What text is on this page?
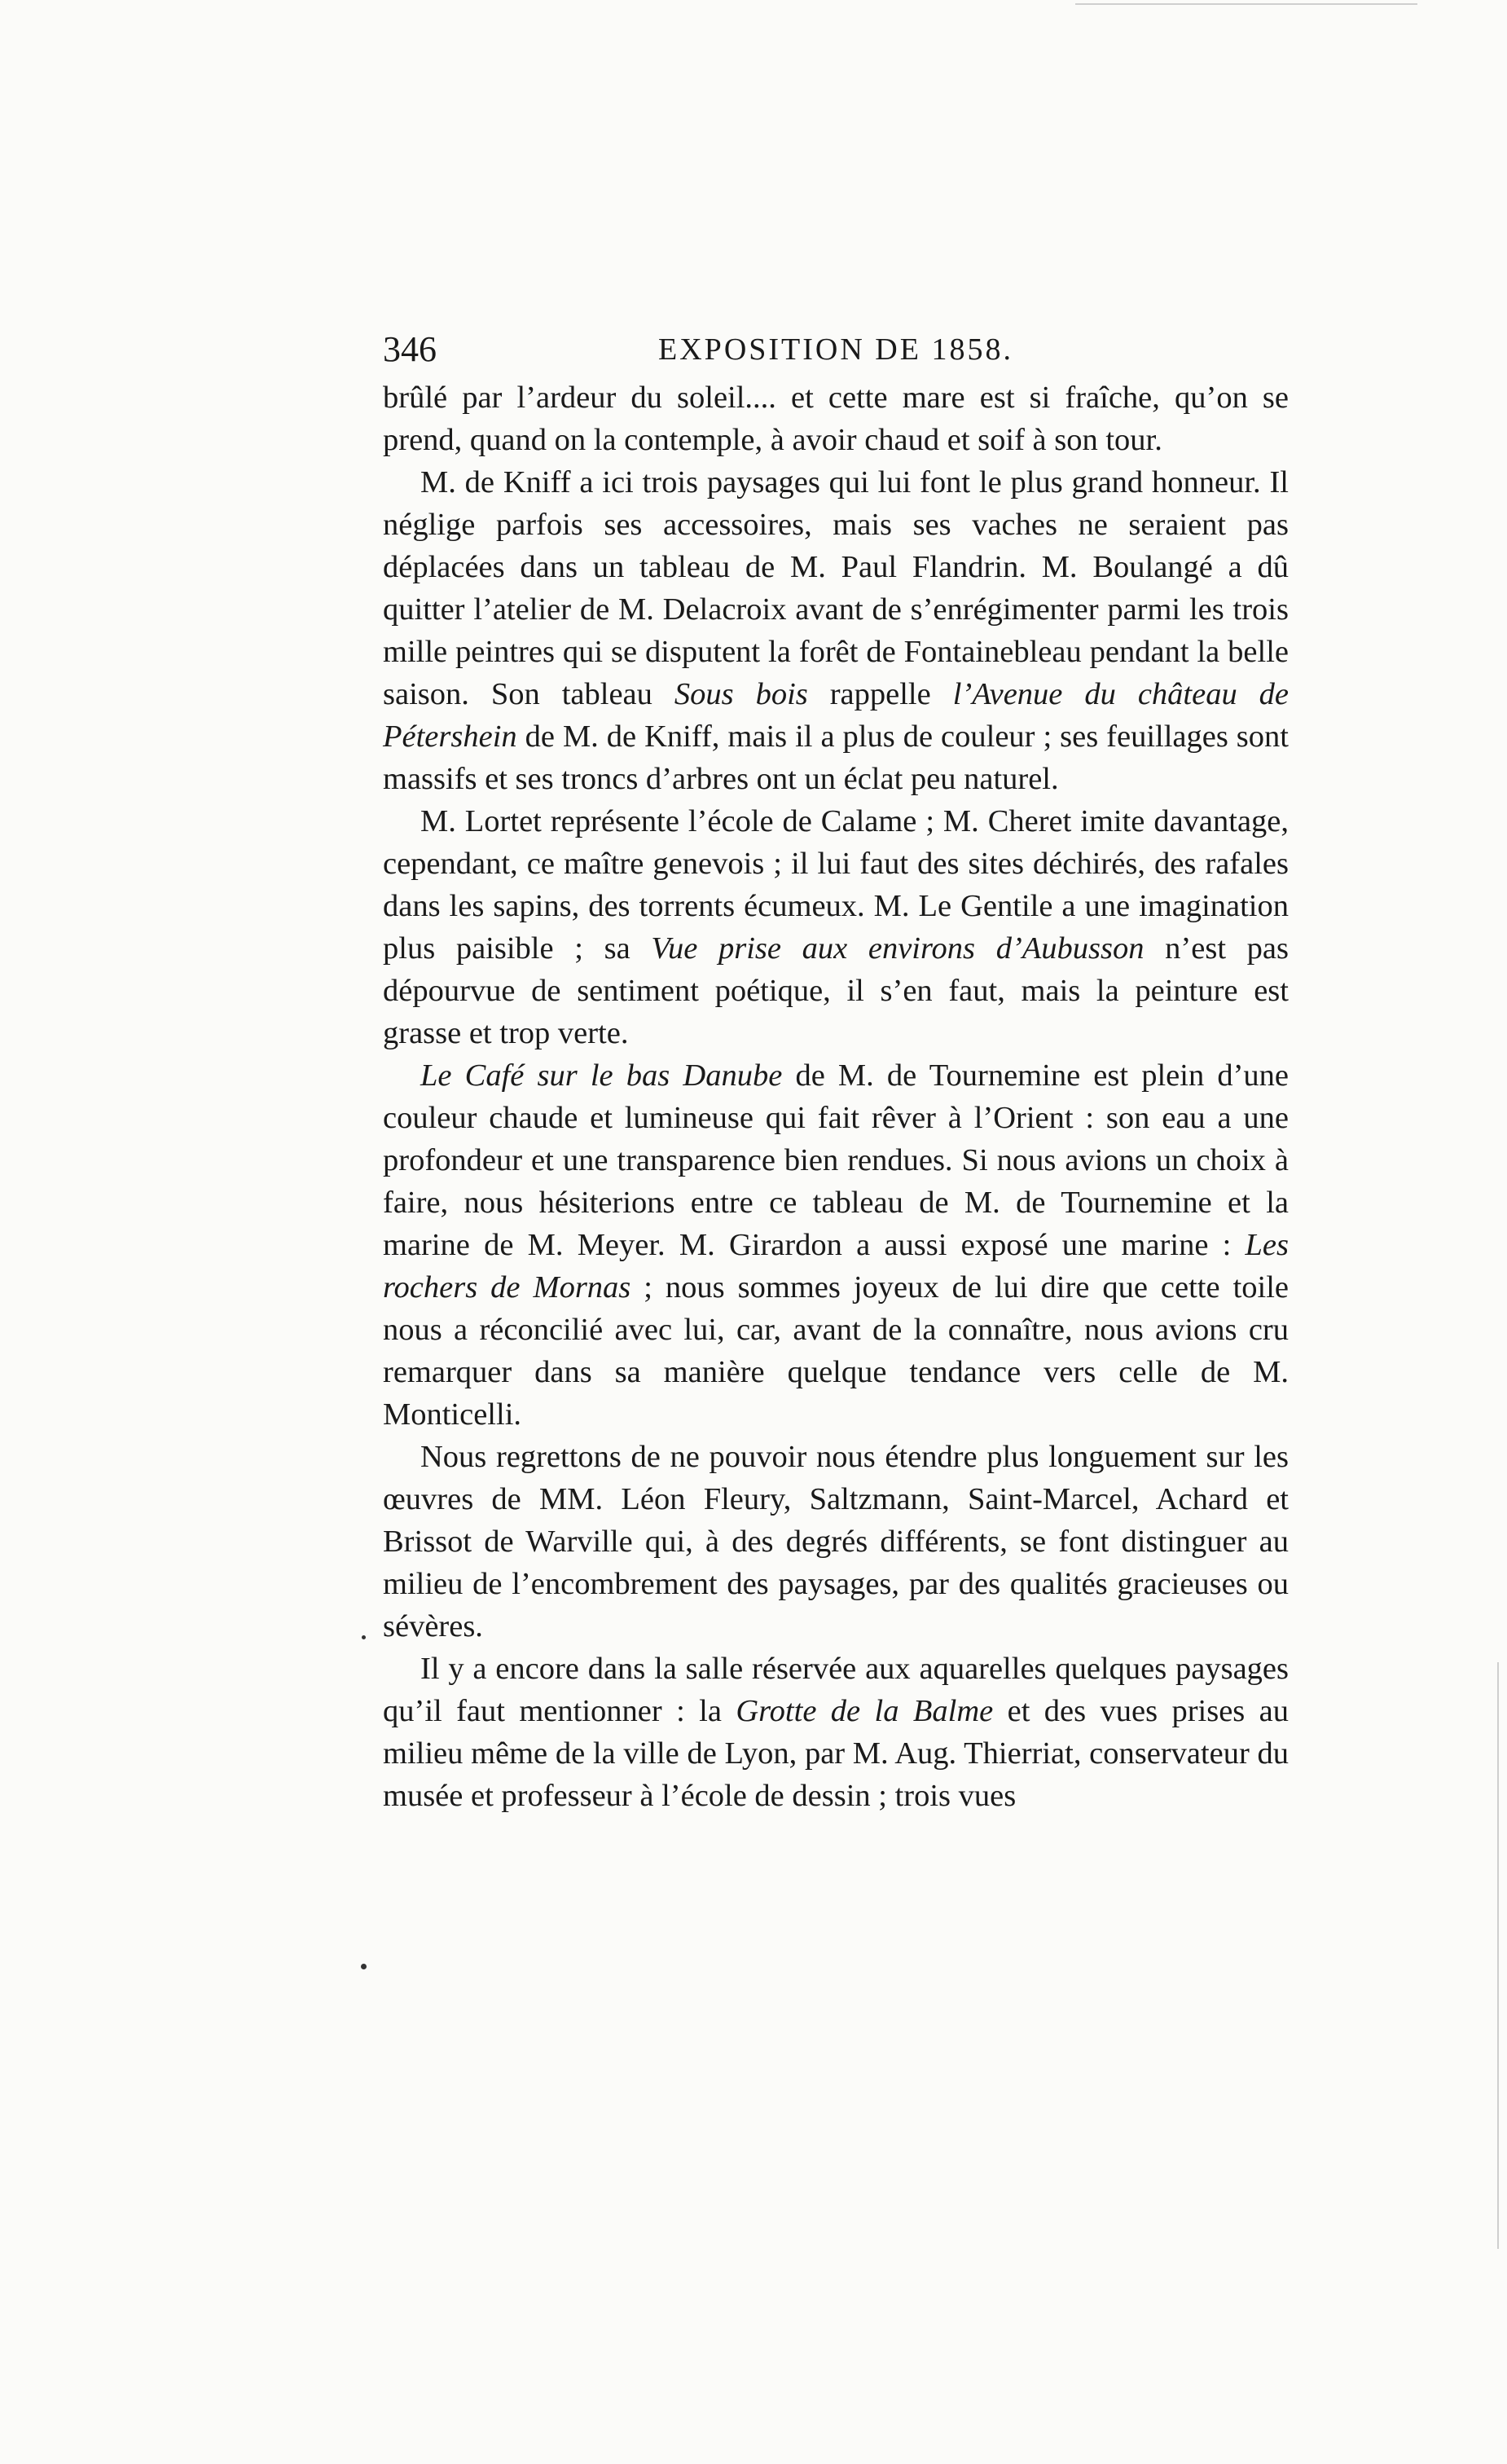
346	EXPOSITION DE 1858.

brûlé par l’ardeur du soleil.... et cette mare est si fraîche, qu’on se prend, quand on la contemple, à avoir chaud et soif à son tour.

M. de Kniff a ici trois paysages qui lui font le plus grand honneur. Il néglige parfois ses accessoires, mais ses vaches ne seraient pas déplacées dans un tableau de M. Paul Flandrin. M. Boulangé a dû quitter l’atelier de M. Delacroix avant de s’enrégimenter parmi les trois mille peintres qui se disputent la forêt de Fontainebleau pendant la belle saison. Son tableau Sous bois rappelle l’Avenue du château de Pétershein de M. de Kniff, mais il a plus de couleur ; ses feuillages sont massifs et ses troncs d’arbres ont un éclat peu naturel.

M. Lortet représente l’école de Calame ; M. Cheret imite davantage, cependant, ce maître genevois ; il lui faut des sites déchirés, des rafales dans les sapins, des torrents écumeux. M. Le Gentile a une imagination plus paisible ; sa Vue prise aux environs d’Aubusson n’est pas dépourvue de sentiment poétique, il s’en faut, mais la peinture est grasse et trop verte.

Le Café sur le bas Danube de M. de Tournemine est plein d’une couleur chaude et lumineuse qui fait rêver à l’Orient : son eau a une profondeur et une transparence bien rendues. Si nous avions un choix à faire, nous hésiterions entre ce tableau de M. de Tournemine et la marine de M. Meyer. M. Girardon a aussi exposé une marine : Les rochers de Mornas ; nous sommes joyeux de lui dire que cette toile nous a réconcilié avec lui, car, avant de la connaître, nous avions cru remarquer dans sa manière quelque tendance vers celle de M. Monticelli.

Nous regrettons de ne pouvoir nous étendre plus longuement sur les œuvres de MM. Léon Fleury, Saltzmann, Saint-Marcel, Achard et Brissot de Warville qui, à des degrés différents, se font distinguer au milieu de l’encombrement des paysages, par des qualités gracieuses ou sévères.

Il y a encore dans la salle réservée aux aquarelles quelques paysages qu’il faut mentionner : la Grotte de la Balme et des vues prises au milieu même de la ville de Lyon, par M. Aug. Thierriat, conservateur du musée et professeur à l’école de dessin ; trois vues
